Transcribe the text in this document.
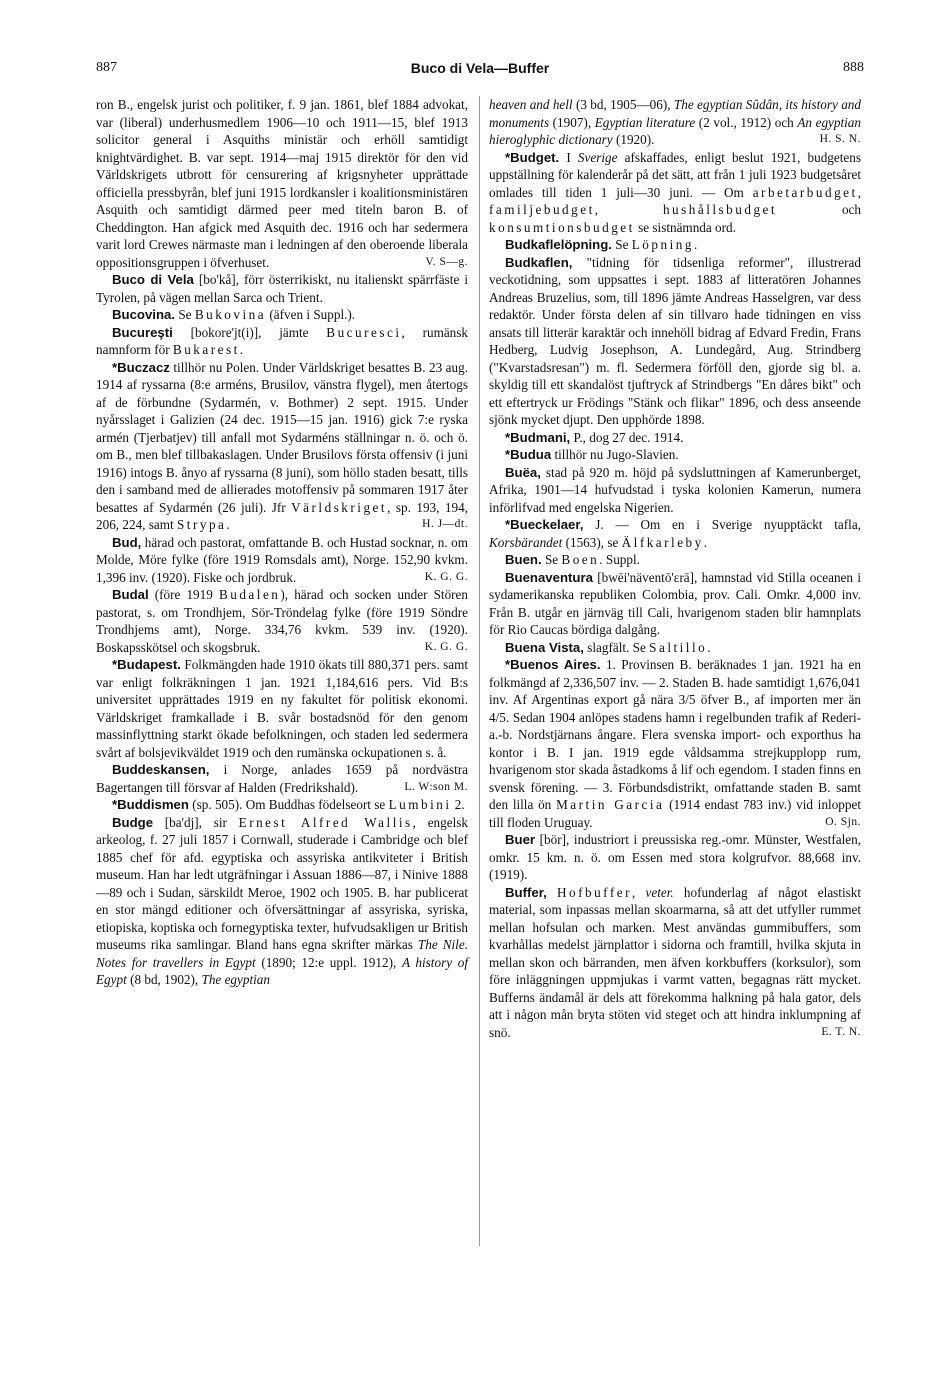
887	Buco di Vela—Buffer	888

ron B., engelsk jurist och politiker, f. 9 jan. 1861, blef 1884 advokat, var (liberal) underhusmedlem 1906—10 och 1911—15, blef 1913 solicitor general i Asquiths ministär och erhöll samtidigt knightvärdighet. B. var sept. 1914—maj 1915 direktör för den vid Världskrigets utbrott för censurering af krigsnyheter upprättade officiella pressbyrån, blef juni 1915 lordkansler i koalitionsministären Asquith och samtidigt därmed peer med titeln baron B. of Cheddington. Han afgick med Asquith dec. 1916 och har sedermera varit lord Crewes närmaste man i ledningen af den oberoende liberala oppositionsgruppen i öfverhuset.	V. S—g.

Buco di Vela [bo'kå], förr österrikiskt, nu italienskt spärrfäste i Tyrolen, på vägen mellan Sarca och Trient.

Bucovina. Se Bukovina (äfven i Suppl.).

Bucureşti [bokore'jt(i)], jämte Bucuresci, rumänsk namnform för Bukarest.

*Buczacz tillhör nu Polen. Under Världskriget besattes B. 23 aug. 1914 af ryssarna (8:e arméns, Brusilov, vänstra flygel), men återtogs af de förbundne (Sydarmén, v. Bothmer) 2 sept. 1915. Under nyårsslaget i Galizien (24 dec. 1915—15 jan. 1916) gick 7:e ryska armén (Tjerbatjev) till anfall mot Sydarméns ställningar n. ö. och ö. om B., men blef tillbakaslagen. Under Brusilovs första offensiv (i juni 1916) intogs B. ånyo af ryssarna (8 juni), som höllo staden besatt, tills den i samband med de allierades motoffensiv på sommaren 1917 åter besattes af Sydarmén (26 juli). Jfr Världskriget, sp. 193, 194, 206, 224, samt Strypa.	H. J—dt.

Bud, härad och pastorat, omfattande B. och Hustad socknar, n. om Molde, Möre fylke (före 1919 Romsdals amt), Norge. 152,90 kvkm. 1,396 inv. (1920). Fiske och jordbruk.	K. G. G.

Budal (före 1919 Budalen), härad och socken under Stören pastorat, s. om Trondhjem, Sör-Tröndelag fylke (före 1919 Söndre Trondhjems amt), Norge. 334,76 kvkm. 539 inv. (1920). Boskapsskötsel och skogsbruk.	K. G. G.

*Budapest. Folkmängden hade 1910 ökats till 880,371 pers. samt var enligt folkräkningen 1 jan. 1921 1,184,616 pers. Vid B:s universitet upprättades 1919 en ny fakultet för politisk ekonomi. Världskriget framkallade i B. svår bostadsnöd för den genom massinflyttning starkt ökade befolkningen, och staden led sedermera svårt af bolsjevikväldet 1919 och den rumänska ockupationen s. å.

Buddeskansen, i Norge, anlades 1659 på nordvästra Bagertangen till försvar af Halden (Fredrikshald).	L. W:son M.

*Buddismen (sp. 505). Om Buddhas födelseort se Lumbini 2.

Budge [ba'dj], sir Ernest Alfred Wallis, engelsk arkeolog, f. 27 juli 1857 i Cornwall, studerade i Cambridge och blef 1885 chef för afd. egyptiska och assyriska antikviteter i British museum. Han har ledt utgräfningar i Assuan 1886—87, i Ninive 1888—89 och i Sudan, särskildt Meroe, 1902 och 1905. B. har publicerat en stor mängd editioner och öfversättningar af assyriska, syriska, etiopiska, koptiska och fornegyptiska texter, hufvudsakligen ur British museums rika samlingar. Bland hans egna skrifter märkas The Nile. Notes for travellers in Egypt (1890; 12:e uppl. 1912), A history of Egypt (8 bd, 1902), The egyptian

heaven and hell (3 bd, 1905—06), The egyptian Sûdân, its history and monuments (1907), Egyptian literature (2 vol., 1912) och An egyptian hieroglyphic dictionary (1920).	H. S. N.

*Budget. I Sverige afskaffades, enligt beslut 1921, budgetens uppställning för kalenderår på det sätt, att från 1 juli 1923 budgetsåret omlades till tiden 1 juli—30 juni. — Om arbetarbudget, familjebudget, hushållsbudget och konsumtionsbudget se sistnämnda ord.

Budkaflelöpning. Se Löpning.

Budkaflen, "tidning för tidsenliga reformer", illustrerad veckotidning, som uppsattes i sept. 1883 af litteratören Johannes Andreas Bruzelius, som, till 1896 jämte Andreas Hasselgren, var dess redaktör. Under första delen af sin tillvaro hade tidningen en viss ansats till litterär karaktär och innehöll bidrag af Edvard Fredin, Frans Hedberg, Ludvig Josephson, A. Lundegård, Aug. Strindberg ("Kvarstadsresan") m. fl. Sedermera förföll den, gjorde sig bl. a. skyldig till ett skandalöst tjuftryck af Strindbergs "En dåres bikt" och ett eftertryck ur Frödings "Stänk och flikar" 1896, och dess anseende sjönk mycket djupt. Den upphörde 1898.

*Budmani, P., dog 27 dec. 1914.

*Budua tillhör nu Jugo-Slavien.

Buëa, stad på 920 m. höjd på sydsluttningen af Kamerunberget, Afrika, 1901—14 hufvudstad i tyska kolonien Kamerun, numera införlifvad med engelska Nigerien.

*Bueckelaer, J. — Om en i Sverige nyupptäckt tafla, Korsbärandet (1563), se Älfkarleby.

Buen. Se Boen. Suppl.

Buenaventura [bwēi'näventō'ɛrā], hamnstad vid Stilla oceanen i sydamerikanska republiken Colombia, prov. Cali. Omkr. 4,000 inv. Från B. utgår en järnväg till Cali, hvarigenom staden blir hamnplats för Rio Caucas bördiga dalgång.

Buena Vista, slagfält. Se Saltillo.

*Buenos Aires. 1. Provinsen B. beräknades 1 jan. 1921 ha en folkmängd af 2,336,507 inv. — 2. Staden B. hade samtidigt 1,676,041 inv. Af Argentinas export gå nära 3/5 öfver B., af importen mer än 4/5. Sedan 1904 anlöpes stadens hamn i regelbunden trafik af Rederi-a.-b. Nordstjärnans ångare. Flera svenska import- och exporthus ha kontor i B. I jan. 1919 egde våldsamma strejkupplopp rum, hvarigenom stor skada åstadkoms å lif och egendom. I staden finns en svensk förening. — 3. Förbundsdistrikt, omfattande staden B. samt den lilla ön Martin Garcia (1914 endast 783 inv.) vid inloppet till floden Uruguay.	O. Sjn.

Buer [bör], industriort i preussiska reg.-omr. Münster, Westfalen, omkr. 15 km. n. ö. om Essen med stora kolgrufvor. 88,668 inv. (1919).

Buffer, Hofbuffer, veter. hofunderlag af något elastiskt material, som inpassas mellan skoarmarna, så att det utfyller rummet mellan hofsulan och marken. Mest användas gummibuffers, som kvarhållas medelst järnplattor i sidorna och framtill, hvilka skjuta in mellan skon och bärranden, men äfven korkbuffers (korksulor), som före inläggningen uppmjukas i varmt vatten, begagnas rätt mycket. Bufferns ändamål är dels att förekomma halkning på hala gator, dels att i någon mån bryta stöten vid steget och att hindra inklumpning af snö.	E. T. N.
